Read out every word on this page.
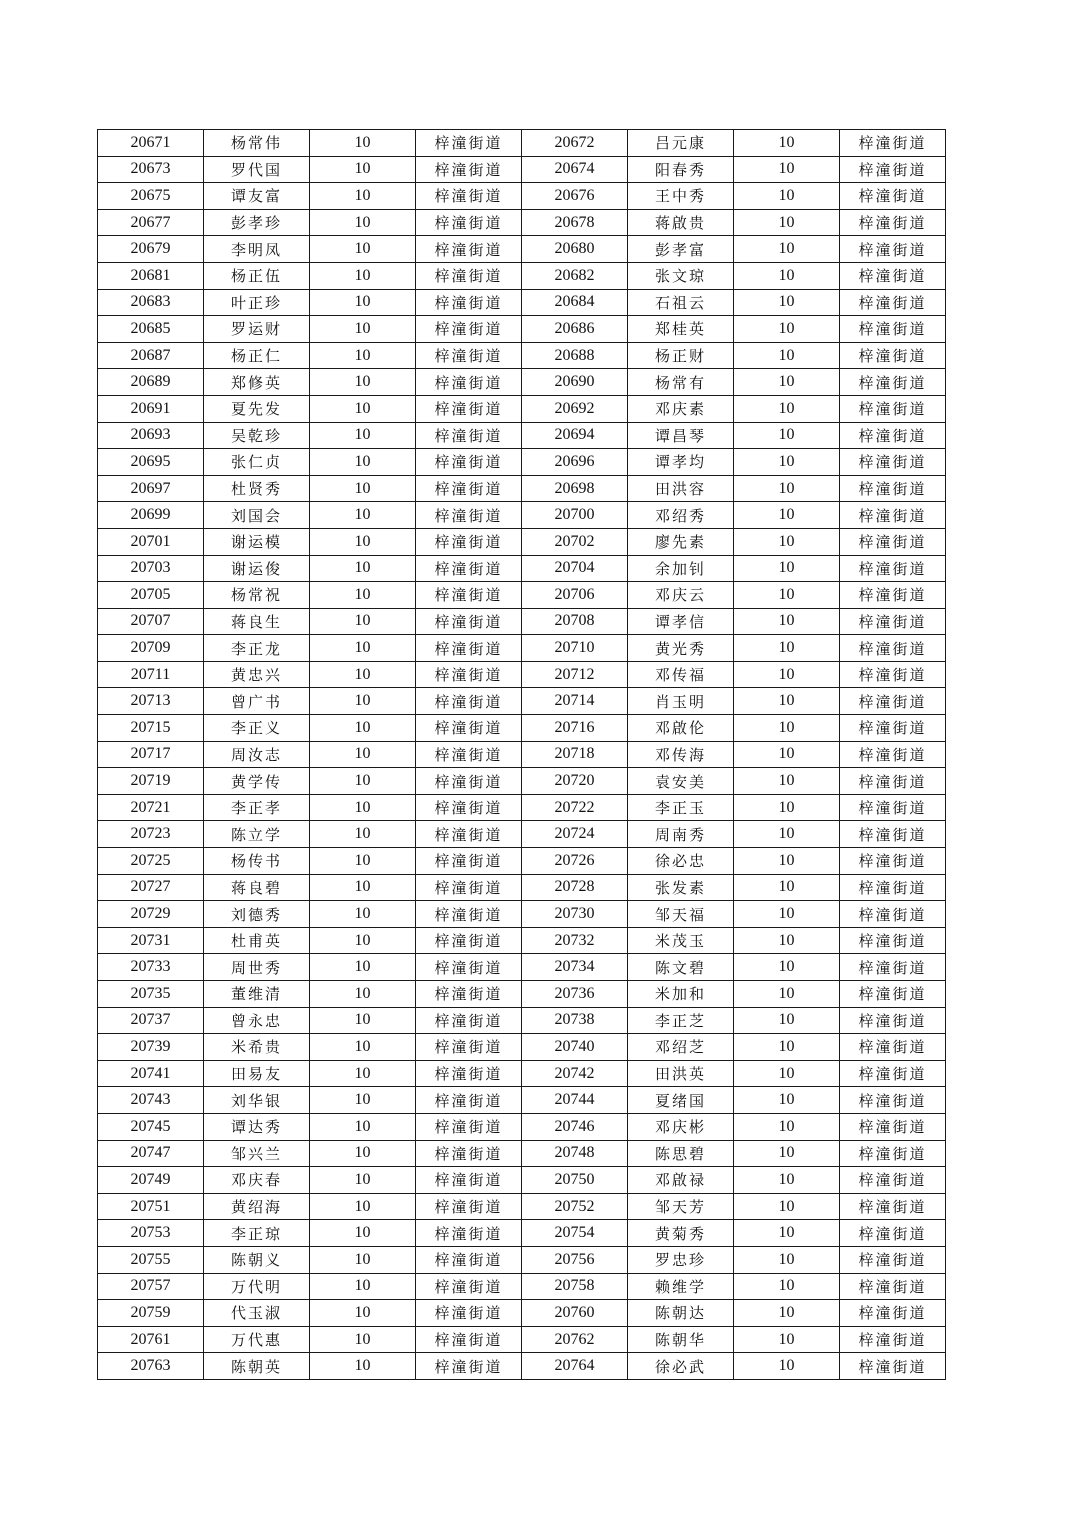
20671	杨常伟	10	梓潼街道	20672	吕元康	10	梓潼街道
20673	罗代国	10	梓潼街道	20674	阳春秀	10	梓潼街道
20675	谭友富	10	梓潼街道	20676	王中秀	10	梓潼街道
20677	彭孝珍	10	梓潼街道	20678	蒋啟贵	10	梓潼街道
20679	李明凤	10	梓潼街道	20680	彭孝富	10	梓潼街道
20681	杨正伍	10	梓潼街道	20682	张文琼	10	梓潼街道
20683	叶正珍	10	梓潼街道	20684	石祖云	10	梓潼街道
20685	罗运财	10	梓潼街道	20686	郑桂英	10	梓潼街道
20687	杨正仁	10	梓潼街道	20688	杨正财	10	梓潼街道
20689	郑修英	10	梓潼街道	20690	杨常有	10	梓潼街道
20691	夏先发	10	梓潼街道	20692	邓庆素	10	梓潼街道
20693	吴乾珍	10	梓潼街道	20694	谭昌琴	10	梓潼街道
20695	张仁贞	10	梓潼街道	20696	谭孝均	10	梓潼街道
20697	杜贤秀	10	梓潼街道	20698	田洪容	10	梓潼街道
20699	刘国会	10	梓潼街道	20700	邓绍秀	10	梓潼街道
20701	谢运模	10	梓潼街道	20702	廖先素	10	梓潼街道
20703	谢运俊	10	梓潼街道	20704	余加钊	10	梓潼街道
20705	杨常祝	10	梓潼街道	20706	邓庆云	10	梓潼街道
20707	蒋良生	10	梓潼街道	20708	谭孝信	10	梓潼街道
20709	李正龙	10	梓潼街道	20710	黄光秀	10	梓潼街道
20711	黄忠兴	10	梓潼街道	20712	邓传福	10	梓潼街道
20713	曾广书	10	梓潼街道	20714	肖玉明	10	梓潼街道
20715	李正义	10	梓潼街道	20716	邓啟伦	10	梓潼街道
20717	周汝志	10	梓潼街道	20718	邓传海	10	梓潼街道
20719	黄学传	10	梓潼街道	20720	袁安美	10	梓潼街道
20721	李正孝	10	梓潼街道	20722	李正玉	10	梓潼街道
20723	陈立学	10	梓潼街道	20724	周南秀	10	梓潼街道
20725	杨传书	10	梓潼街道	20726	徐必忠	10	梓潼街道
20727	蒋良碧	10	梓潼街道	20728	张发素	10	梓潼街道
20729	刘德秀	10	梓潼街道	20730	邹天福	10	梓潼街道
20731	杜甫英	10	梓潼街道	20732	米茂玉	10	梓潼街道
20733	周世秀	10	梓潼街道	20734	陈文碧	10	梓潼街道
20735	董维清	10	梓潼街道	20736	米加和	10	梓潼街道
20737	曾永忠	10	梓潼街道	20738	李正芝	10	梓潼街道
20739	米希贵	10	梓潼街道	20740	邓绍芝	10	梓潼街道
20741	田易友	10	梓潼街道	20742	田洪英	10	梓潼街道
20743	刘华银	10	梓潼街道	20744	夏绪国	10	梓潼街道
20745	谭达秀	10	梓潼街道	20746	邓庆彬	10	梓潼街道
20747	邹兴兰	10	梓潼街道	20748	陈思碧	10	梓潼街道
20749	邓庆春	10	梓潼街道	20750	邓啟禄	10	梓潼街道
20751	黄绍海	10	梓潼街道	20752	邹天芳	10	梓潼街道
20753	李正琼	10	梓潼街道	20754	黄菊秀	10	梓潼街道
20755	陈朝义	10	梓潼街道	20756	罗忠珍	10	梓潼街道
20757	万代明	10	梓潼街道	20758	赖维学	10	梓潼街道
20759	代玉淑	10	梓潼街道	20760	陈朝达	10	梓潼街道
20761	万代惠	10	梓潼街道	20762	陈朝华	10	梓潼街道
20763	陈朝英	10	梓潼街道	20764	徐必武	10	梓潼街道
